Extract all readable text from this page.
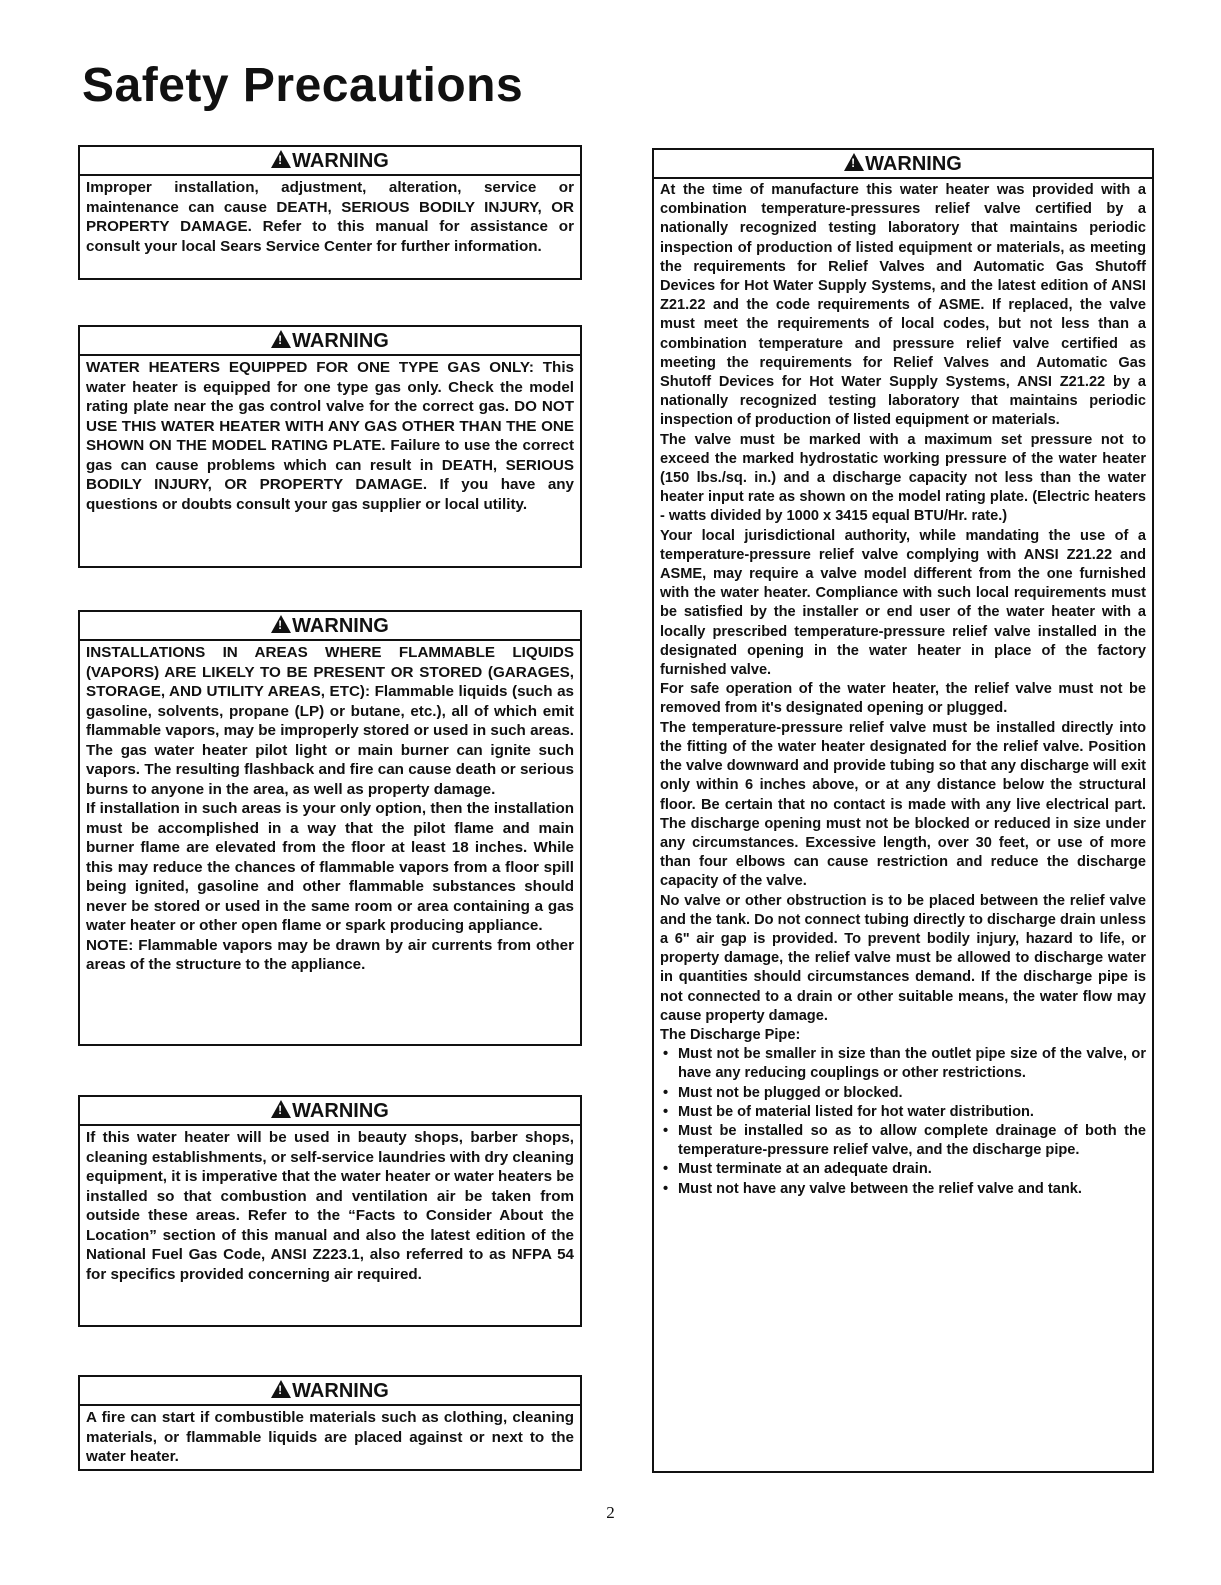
Safety Precautions
!WARNING

Improper installation, adjustment, alteration, service or maintenance can cause DEATH, SERIOUS BODILY INJURY, OR PROPERTY DAMAGE. Refer to this manual for assistance or consult your local Sears Service Center for further information.

!WARNING

WATER HEATERS EQUIPPED FOR ONE TYPE GAS ONLY: This water heater is equipped for one type gas only. Check the model rating plate near the gas control valve for the correct gas. DO NOT USE THIS WATER HEATER WITH ANY GAS OTHER THAN THE ONE SHOWN ON THE MODEL RATING PLATE. Failure to use the correct gas can cause problems which can result in DEATH, SERIOUS BODILY INJURY, OR PROPERTY DAMAGE. If you have any questions or doubts consult your gas supplier or local utility.

!WARNING

INSTALLATIONS IN AREAS WHERE FLAMMABLE LIQUIDS (VAPORS) ARE LIKELY TO BE PRESENT OR STORED (GARAGES, STORAGE, AND UTILITY AREAS, ETC): Flammable liquids (such as gasoline, solvents, propane (LP) or butane, etc.), all of which emit flammable vapors, may be improperly stored or used in such areas. The gas water heater pilot light or main burner can ignite such vapors. The resulting flashback and fire can cause death or serious burns to anyone in the area, as well as property damage.

If installation in such areas is your only option, then the installation must be accomplished in a way that the pilot flame and main burner flame are elevated from the floor at least 18 inches. While this may reduce the chances of flammable vapors from a floor spill being ignited, gasoline and other flammable substances should never be stored or used in the same room or area containing a gas water heater or other open flame or spark producing appliance.

NOTE: Flammable vapors may be drawn by air currents from other areas of the structure to the appliance.

!WARNING

If this water heater will be used in beauty shops, barber shops, cleaning establishments, or self-service laundries with dry cleaning equipment, it is imperative that the water heater or water heaters be installed so that combustion and ventilation air be taken from outside these areas. Refer to the “Facts to Consider About the Location” section of this manual and also the latest edition of the National Fuel Gas Code, ANSI Z223.1, also referred to as NFPA 54 for specifics provided concerning air required.

!WARNING

A fire can start if combustible materials such as clothing, cleaning materials, or flammable liquids are placed against or next to the water heater.

!WARNING

At the time of manufacture this water heater was provided with a combination temperature-pressures relief valve certified by a nationally recognized testing laboratory that maintains periodic inspection of production of listed equipment or materials, as meeting the requirements for Relief Valves and Automatic Gas Shutoff Devices for Hot Water Supply Systems, and the latest edition of ANSI Z21.22 and the code requirements of ASME. If replaced, the valve must meet the requirements of local codes, but not less than a combination temperature and pressure relief valve certified as meeting the requirements for Relief Valves and Automatic Gas Shutoff Devices for Hot Water Supply Systems, ANSI Z21.22 by a nationally recognized testing laboratory that maintains periodic inspection of production of listed equipment or materials.

The valve must be marked with a maximum set pressure not to exceed the marked hydrostatic working pressure of the water heater (150 lbs./sq. in.) and a discharge capacity not less than the water heater input rate as shown on the model rating plate. (Electric heaters - watts divided by 1000 x 3415 equal BTU/Hr. rate.)

Your local jurisdictional authority, while mandating the use of a temperature-pressure relief valve complying with ANSI Z21.22 and ASME, may require a valve model different from the one furnished with the water heater. Compliance with such local requirements must be satisfied by the installer or end user of the water heater with a locally prescribed temperature-pressure relief valve installed in the designated opening in the water heater in place of the factory furnished valve.

For safe operation of the water heater, the relief valve must not be removed from it's designated opening or plugged.

The temperature-pressure relief valve must be installed directly into the fitting of the water heater designated for the relief valve. Position the valve downward and provide tubing so that any discharge will exit only within 6 inches above, or at any distance below the structural floor. Be certain that no contact is made with any live electrical part. The discharge opening must not be blocked or reduced in size under any circumstances. Excessive length, over 30 feet, or use of more than four elbows can cause restriction and reduce the discharge capacity of the valve.

No valve or other obstruction is to be placed between the relief valve and the tank. Do not connect tubing directly to discharge drain unless a 6" air gap is provided. To prevent bodily injury, hazard to life, or property damage, the relief valve must be allowed to discharge water in quantities should circumstances demand. If the discharge pipe is not connected to a drain or other suitable means, the water flow may cause property damage.

The Discharge Pipe:

• Must not be smaller in size than the outlet pipe size of the valve, or have any reducing couplings or other restrictions.
• Must not be plugged or blocked.
• Must be of material listed for hot water distribution.
• Must be installed so as to allow complete drainage of both the temperature-pressure relief valve, and the discharge pipe.
• Must terminate at an adequate drain.
• Must not have any valve between the relief valve and tank.
2
